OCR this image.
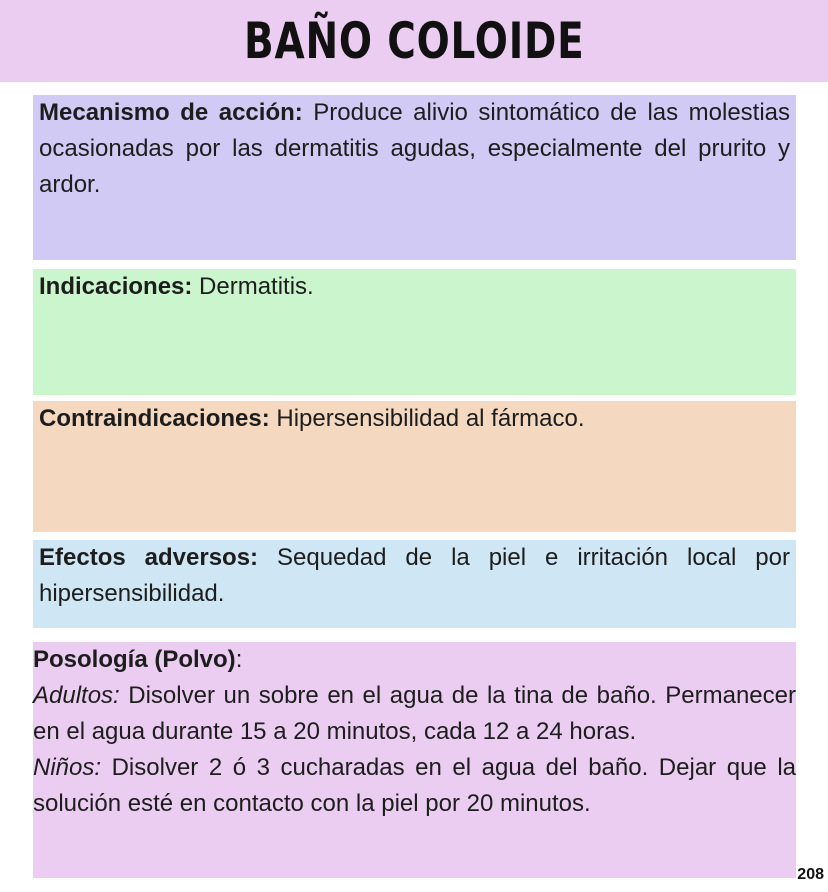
BAÑO COLOIDE

Mecanismo de acción: Produce alivio sintomático de las molestias ocasionadas por las dermatitis agudas, especialmente del prurito y ardor.

Indicaciones: Dermatitis.

Contraindicaciones: Hipersensibilidad al fármaco.

Efectos adversos: Sequedad de la piel e irritación local por hipersensibilidad.

Posología (Polvo):

Adultos: Disolver un sobre en el agua de la tina de baño. Permanecer en el agua durante 15 a 20 minutos, cada 12 a 24 horas.

Niños: Disolver 2 ó 3 cucharadas en el agua del baño. Dejar que la solución esté en contacto con la piel por 20 minutos.

208
